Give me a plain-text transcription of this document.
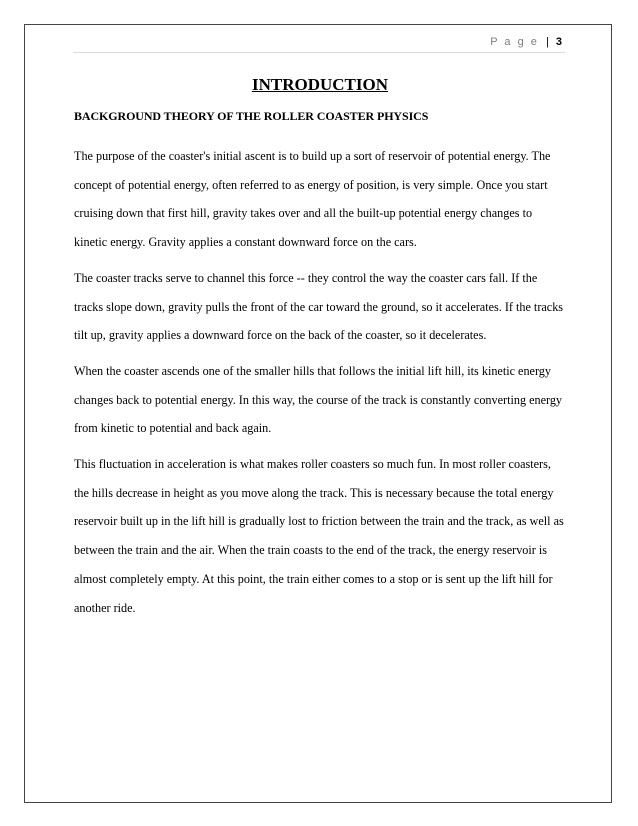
P a g e | 3
INTRODUCTION
BACKGROUND THEORY OF THE ROLLER COASTER PHYSICS

The purpose of the coaster's initial ascent is to build up a sort of reservoir of potential energy. The concept of potential energy, often referred to as energy of position, is very simple. Once you start cruising down that first hill, gravity takes over and all the built-up potential energy changes to kinetic energy. Gravity applies a constant downward force on the cars.

The coaster tracks serve to channel this force -- they control the way the coaster cars fall. If the tracks slope down, gravity pulls the front of the car toward the ground, so it accelerates. If the tracks tilt up, gravity applies a downward force on the back of the coaster, so it decelerates.

When the coaster ascends one of the smaller hills that follows the initial lift hill, its kinetic energy changes back to potential energy. In this way, the course of the track is constantly converting energy from kinetic to potential and back again.

This fluctuation in acceleration is what makes roller coasters so much fun. In most roller coasters, the hills decrease in height as you move along the track. This is necessary because the total energy reservoir built up in the lift hill is gradually lost to friction between the train and the track, as well as between the train and the air. When the train coasts to the end of the track, the energy reservoir is almost completely empty. At this point, the train either comes to a stop or is sent up the lift hill for another ride.
